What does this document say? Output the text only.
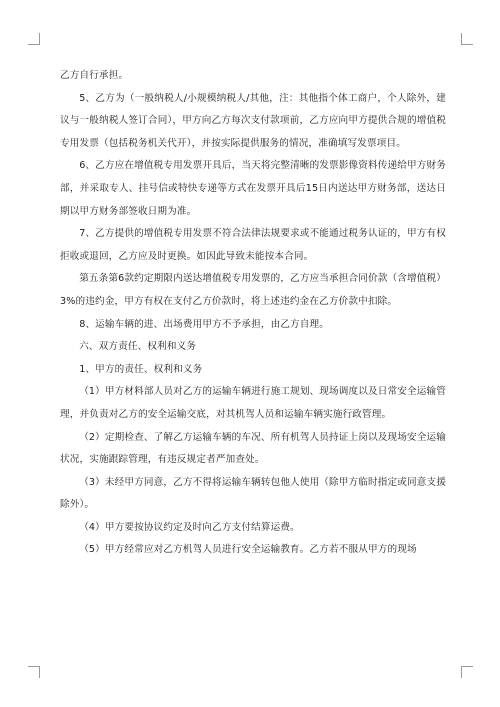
乙方自行承担。

5、乙方为（一般纳税人/小规模纳税人/其他，注：其他指个体工商户，个人除外，建议与一般纳税人签订合同），甲方向乙方每次支付款项前，乙方应向甲方提供合规的增值税专用发票（包括税务机关代开），并按实际提供服务的情况，准确填写发票项目。

6、乙方应在增值税专用发票开具后，当天将完整清晰的发票影像资料传递给甲方财务部，并采取专人、挂号信或特快专递等方式在发票开具后15日内送达甲方财务部，送达日期以甲方财务部签收日期为准。

7、乙方提供的增值税专用发票不符合法律法规要求或不能通过税务认证的，甲方有权拒收或退回，乙方应及时更换。如因此导致未能按本合同。

第五条第6款约定期限内送达增值税专用发票的，乙方应当承担合同价款（含增值税）3%的违约金，甲方有权在支付乙方价款时，将上述违约金在乙方价款中扣除。

8、运输车辆的进、出场费用甲方不予承担，由乙方自理。

六、双方责任、权利和义务

1、甲方的责任、权利和义务

（1）甲方材料部人员对乙方的运输车辆进行施工规划、现场调度以及日常安全运输管理，并负责对乙方的安全运输交底，对其机驾人员和运输车辆实施行政管理。

（2）定期检查、了解乙方运输车辆的车况、所有机驾人员持证上岗以及现场安全运输状况，实施跟踪管理，有违反规定者严加查处。

（3）未经甲方同意，乙方不得将运输车辆转包他人使用（除甲方临时指定或同意支援除外）。

（4）甲方要按协议约定及时向乙方支付结算运费。

（5）甲方经常应对乙方机驾人员进行安全运输教育。乙方若不服从甲方的现场
